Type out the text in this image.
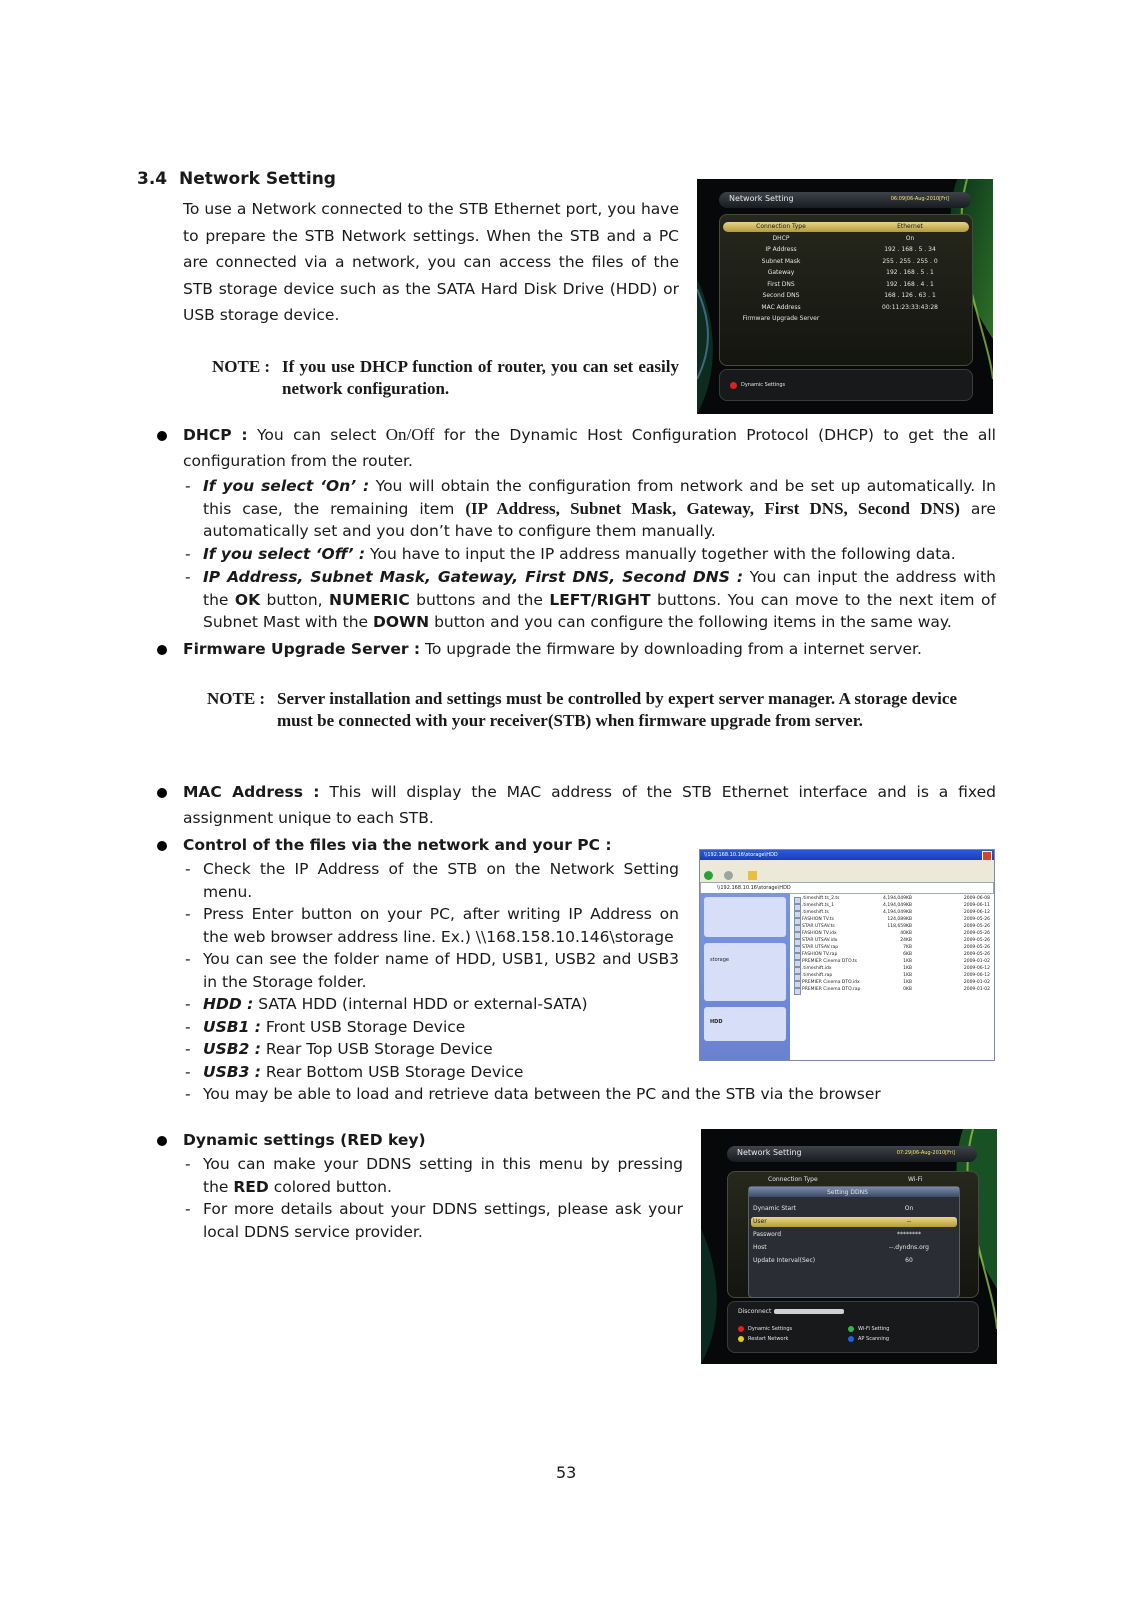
3.4 Network Setting
To use a Network connected to the STB Ethernet port, you have to prepare the STB Network settings. When the STB and a PC are connected via a network, you can access the files of the STB storage device such as the SATA Hard Disk Drive (HDD) or USB storage device.
NOTE : If you use DHCP function of router, you can set easily network configuration.
Network Setting	06:09|06-Aug-2010[Fri]
Connection Type	Ethernet
DHCP	On
IP Address	192 . 168 . 5 . 34
Subnet Mask	255 . 255 . 255 . 0
Gateway	192 . 168 . 5 . 1
First DNS	192 . 168 . 4 . 1
Second DNS	168 . 126 . 63 . 1
MAC Address	00:11:23:33:43:28
Firmware Upgrade Server
Dynamic Settings
DHCP : You can select On/Off for the Dynamic Host Configuration Protocol (DHCP) to get the all configuration from the router.
- If you select ‘On’ : You will obtain the configuration from network and be set up automatically. In this case, the remaining item (IP Address, Subnet Mask, Gateway, First DNS, Second DNS) are automatically set and you don’t have to configure them manually.
- If you select ‘Off’ : You have to input the IP address manually together with the following data.
- IP Address, Subnet Mask, Gateway, First DNS, Second DNS : You can input the address with the OK button, NUMERIC buttons and the LEFT/RIGHT buttons. You can move to the next item of Subnet Mast with the DOWN button and you can configure the following items in the same way.
Firmware Upgrade Server : To upgrade the firmware by downloading from a internet server.
NOTE : Server installation and settings must be controlled by expert server manager. A storage device must be connected with your receiver(STB) when firmware upgrade from server.
MAC Address : This will display the MAC address of the STB Ethernet interface and is a fixed assignment unique to each STB.
Control of the files via the network and your PC :
- Check the IP Address of the STB on the Network Setting menu.
- Press Enter button on your PC, after writing IP Address on the web browser address line. Ex.) \\168.158.10.146\storage
- You can see the folder name of HDD, USB1, USB2 and USB3 in the Storage folder.
- HDD : SATA HDD (internal HDD or external-SATA)
- USB1 : Front USB Storage Device
- USB2 : Rear Top USB Storage Device
- USB3 : Rear Bottom USB Storage Device
- You may be able to load and retrieve data between the PC and the STB via the browser
\\192.168.10.16\storage\HDD
\\192.168.10.16\storage\HDD
storage
HDD
.timeshift.ts_2.ts	4,194,049KB	2009-06-08
.timeshift.ts_1	4,194,049KB	2009-06-11
.timeshift.ts	4,194,049KB	2009-06-12
FASHION TV.ts	124,089KB	2009-05-26
STAR UTSAV.ts	118,659KB	2009-05-26
FASHION TV.idx	40KB	2009-05-26
STAR UTSAV.idx	24KB	2009-05-26
STAR UTSAV.rap	7KB	2009-05-26
FASHION TV.rap	6KB	2009-05-26
PREMIER Cinema DTO.ts	1KB	2009-01-02
.timeshift.idx	1KB	2009-06-12
.timeshift.rap	1KB	2009-06-12
PREMIER Cinema DTO.idx	1KB	2009-01-02
PREMIER Cinema DTO.rap	0KB	2009-01-02
Dynamic settings (RED key)
- You can make your DDNS setting in this menu by pressing the RED colored button.
- For more details about your DDNS settings, please ask your local DDNS service provider.
Network Setting	07:29|06-Aug-2010[Fri]
Connection Type	Wi-Fi
Setting DDNS
Dynamic Start	On
User	--
Password	********
Host	--.dyndns.org
Update Interval(Sec)	60
Disconnect
Dynamic Settings	Wi-Fi Setting
Restart Network	AP Scanning
53
